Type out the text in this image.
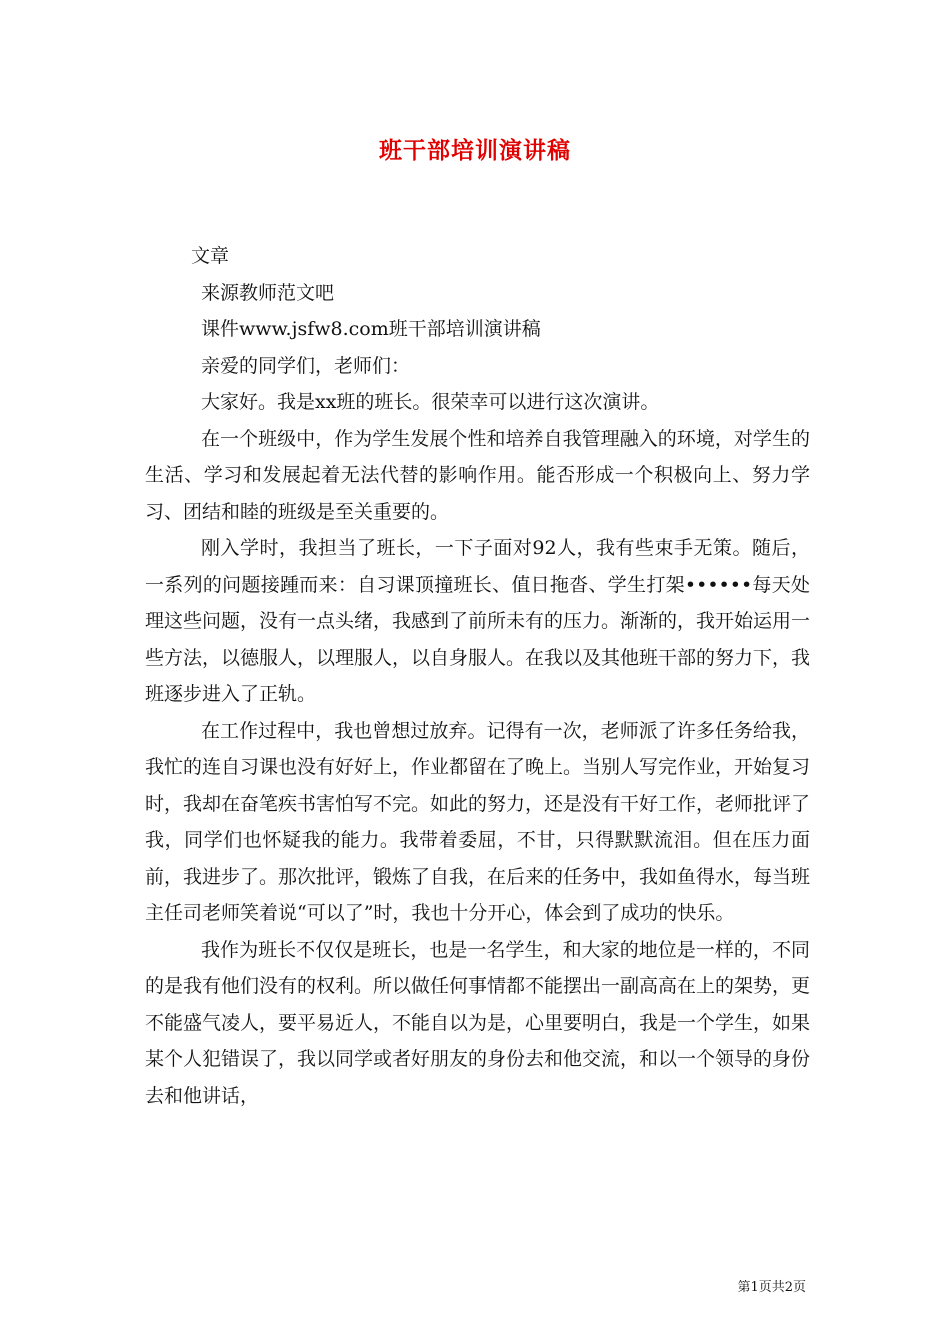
班干部培训演讲稿

文章

来源教师范文吧

课件www.jsfw8.com班干部培训演讲稿

亲爱的同学们，老师们：

大家好。我是xx班的班长。很荣幸可以进行这次演讲。

在一个班级中，作为学生发展个性和培养自我管理融入的环境，对学生的生活、学习和发展起着无法代替的影响作用。能否形成一个积极向上、努力学习、团结和睦的班级是至关重要的。

刚入学时，我担当了班长，一下子面对92人，我有些束手无策。随后，一系列的问题接踵而来：自习课顶撞班长、值日拖沓、学生打架••••••每天处理这些问题，没有一点头绪，我感到了前所未有的压力。渐渐的，我开始运用一些方法，以德服人，以理服人，以自身服人。在我以及其他班干部的努力下，我班逐步进入了正轨。

在工作过程中，我也曾想过放弃。记得有一次，老师派了许多任务给我，我忙的连自习课也没有好好上，作业都留在了晚上。当别人写完作业，开始复习时，我却在奋笔疾书害怕写不完。如此的努力，还是没有干好工作，老师批评了我，同学们也怀疑我的能力。我带着委屈，不甘，只得默默流泪。但在压力面前，我进步了。那次批评，锻炼了自我，在后来的任务中，我如鱼得水，每当班主任司老师笑着说“可以了”时，我也十分开心，体会到了成功的快乐。

我作为班长不仅仅是班长，也是一名学生，和大家的地位是一样的，不同的是我有他们没有的权利。所以做任何事情都不能摆出一副高高在上的架势，更不能盛气凌人，要平易近人，不能自以为是，心里要明白，我是一个学生，如果某个人犯错误了，我以同学或者好朋友的身份去和他交流，和以一个领导的身份去和他讲话，

第1页共2页
